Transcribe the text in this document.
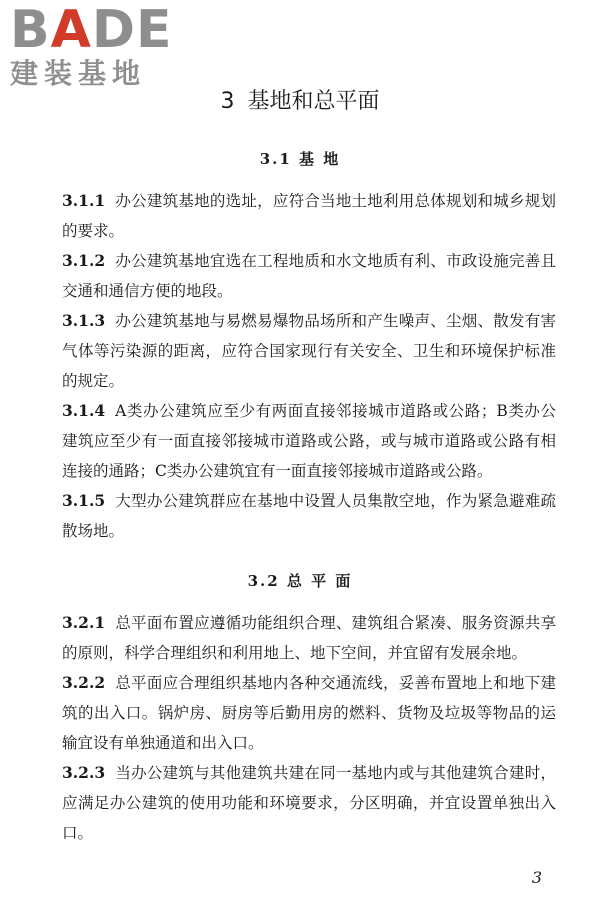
BADE
建装基地
3 基地和总平面
3.1 基 地

3.1.1 办公建筑基地的选址，应符合当地土地利用总体规划和城乡规划的要求。

3.1.2 办公建筑基地宜选在工程地质和水文地质有利、市政设施完善且交通和通信方便的地段。

3.1.3 办公建筑基地与易燃易爆物品场所和产生噪声、尘烟、散发有害气体等污染源的距离，应符合国家现行有关安全、卫生和环境保护标准的规定。

3.1.4 A类办公建筑应至少有两面直接邻接城市道路或公路；B类办公建筑应至少有一面直接邻接城市道路或公路，或与城市道路或公路有相连接的通路；C类办公建筑宜有一面直接邻接城市道路或公路。

3.1.5 大型办公建筑群应在基地中设置人员集散空地，作为紧急避难疏散场地。

3.2 总 平 面

3.2.1 总平面布置应遵循功能组织合理、建筑组合紧凑、服务资源共享的原则，科学合理组织和利用地上、地下空间，并宜留有发展余地。

3.2.2 总平面应合理组织基地内各种交通流线，妥善布置地上和地下建筑的出入口。锅炉房、厨房等后勤用房的燃料、货物及垃圾等物品的运输宜设有单独通道和出入口。

3.2.3 当办公建筑与其他建筑共建在同一基地内或与其他建筑合建时，应满足办公建筑的使用功能和环境要求，分区明确，并宜设置单独出入口。

3
